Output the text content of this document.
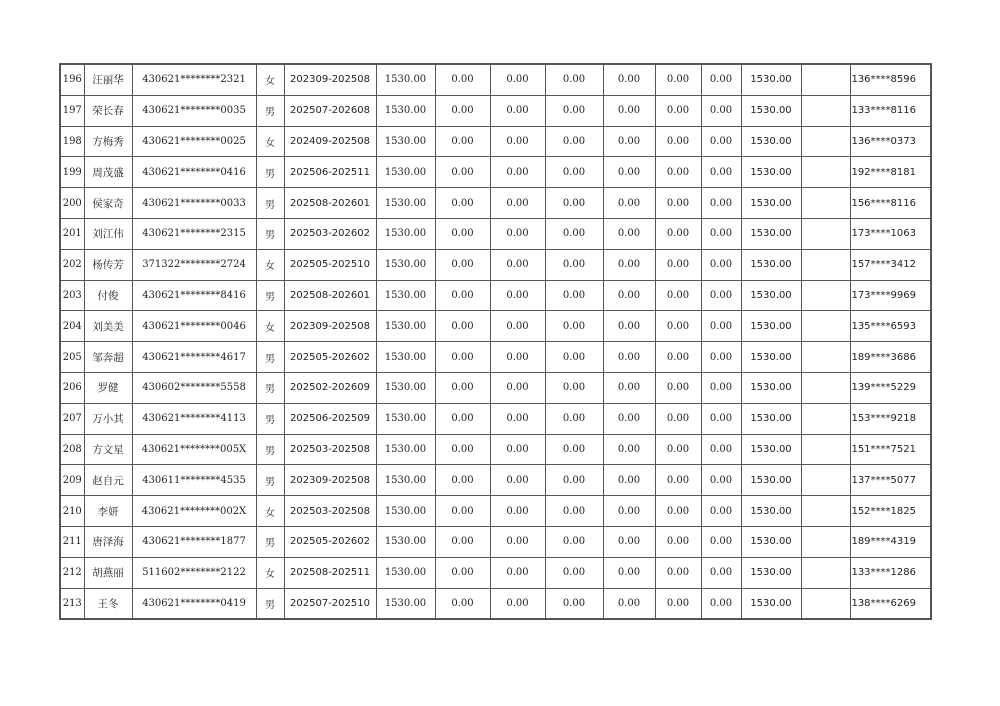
196	汪丽华	430621********2321	女	202309-202508	1530.00	0.00	0.00	0.00	0.00	0.00	0.00	1530.00		136****8596
197	荣长春	430621********0035	男	202507-202608	1530.00	0.00	0.00	0.00	0.00	0.00	0.00	1530.00		133****8116
198	方梅秀	430621********0025	女	202409-202508	1530.00	0.00	0.00	0.00	0.00	0.00	0.00	1530.00		136****0373
199	周茂盛	430621********0416	男	202506-202511	1530.00	0.00	0.00	0.00	0.00	0.00	0.00	1530.00		192****8181
200	侯家奇	430621********0033	男	202508-202601	1530.00	0.00	0.00	0.00	0.00	0.00	0.00	1530.00		156****8116
201	刘江伟	430621********2315	男	202503-202602	1530.00	0.00	0.00	0.00	0.00	0.00	0.00	1530.00		173****1063
202	杨传芳	371322********2724	女	202505-202510	1530.00	0.00	0.00	0.00	0.00	0.00	0.00	1530.00		157****3412
203	付俊	430621********8416	男	202508-202601	1530.00	0.00	0.00	0.00	0.00	0.00	0.00	1530.00		173****9969
204	刘美美	430621********0046	女	202309-202508	1530.00	0.00	0.00	0.00	0.00	0.00	0.00	1530.00		135****6593
205	邹奔超	430621********4617	男	202505-202602	1530.00	0.00	0.00	0.00	0.00	0.00	0.00	1530.00		189****3686
206	罗健	430602********5558	男	202502-202609	1530.00	0.00	0.00	0.00	0.00	0.00	0.00	1530.00		139****5229
207	万小其	430621********4113	男	202506-202509	1530.00	0.00	0.00	0.00	0.00	0.00	0.00	1530.00		153****9218
208	方文星	430621********005X	男	202503-202508	1530.00	0.00	0.00	0.00	0.00	0.00	0.00	1530.00		151****7521
209	赵自元	430611********4535	男	202309-202508	1530.00	0.00	0.00	0.00	0.00	0.00	0.00	1530.00		137****5077
210	李妍	430621********002X	女	202503-202508	1530.00	0.00	0.00	0.00	0.00	0.00	0.00	1530.00		152****1825
211	唐泽海	430621********1877	男	202505-202602	1530.00	0.00	0.00	0.00	0.00	0.00	0.00	1530.00		189****4319
212	胡燕丽	511602********2122	女	202508-202511	1530.00	0.00	0.00	0.00	0.00	0.00	0.00	1530.00		133****1286
213	王冬	430621********0419	男	202507-202510	1530.00	0.00	0.00	0.00	0.00	0.00	0.00	1530.00		138****6269
